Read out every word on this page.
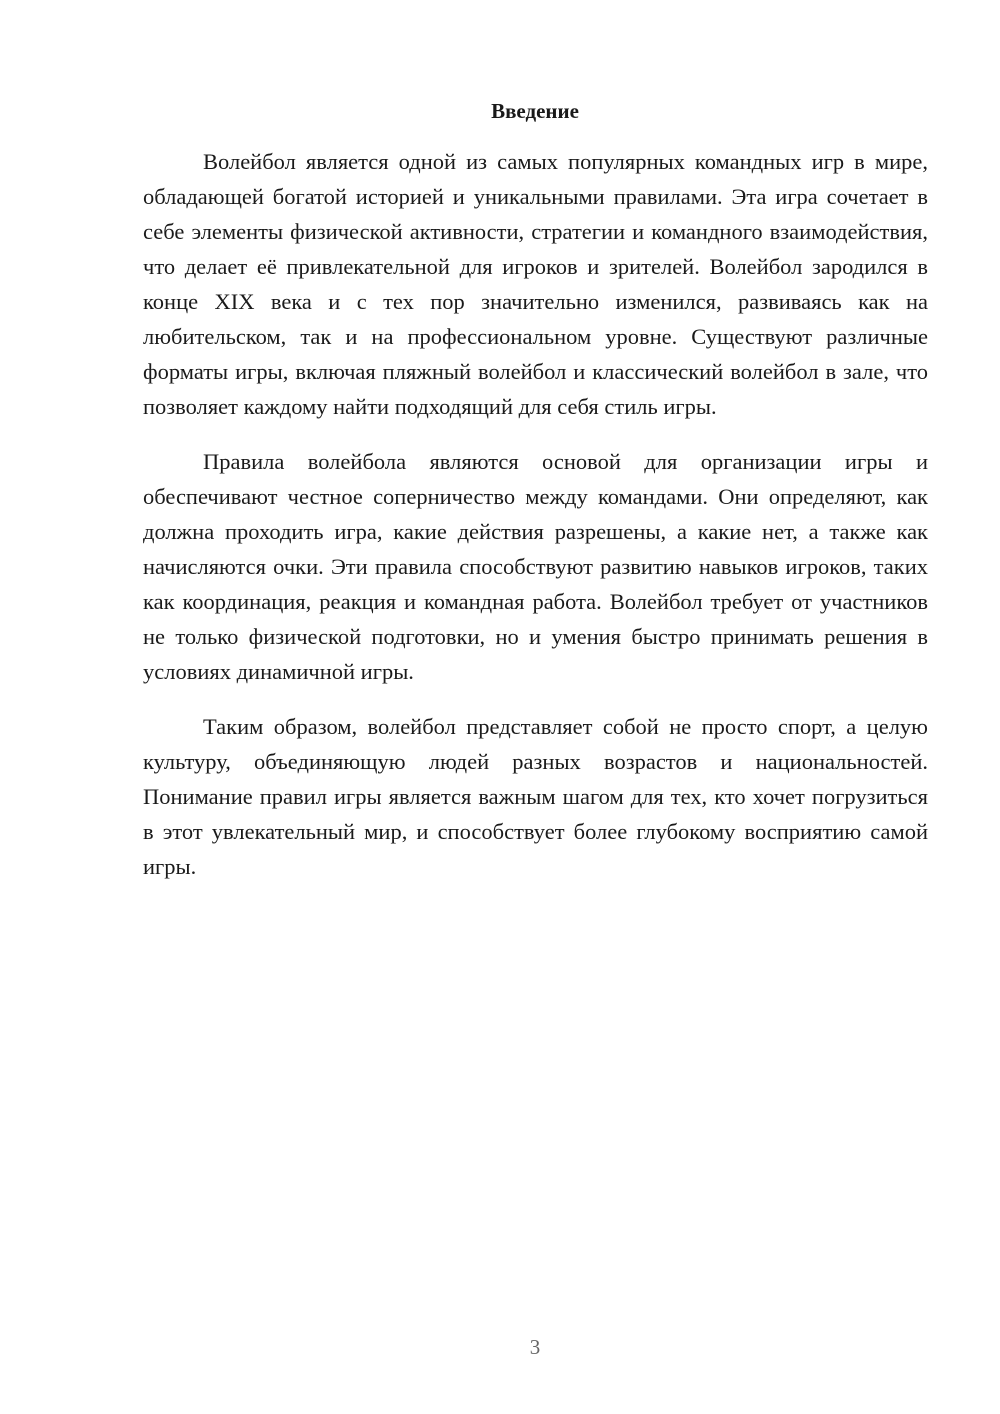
Введение

Волейбол является одной из самых популярных командных игр в мире, обладающей богатой историей и уникальными правилами. Эта игра сочетает в себе элементы физической активности, стратегии и командного взаимодействия, что делает её привлекательной для игроков и зрителей. Волейбол зародился в конце XIX века и с тех пор значительно изменился, развиваясь как на любительском, так и на профессиональном уровне. Существуют различные форматы игры, включая пляжный волейбол и классический волейбол в зале, что позволяет каждому найти подходящий для себя стиль игры.

Правила волейбола являются основой для организации игры и обеспечивают честное соперничество между командами. Они определяют, как должна проходить игра, какие действия разрешены, а какие нет, а также как начисляются очки. Эти правила способствуют развитию навыков игроков, таких как координация, реакция и командная работа. Волейбол требует от участников не только физической подготовки, но и умения быстро принимать решения в условиях динамичной игры.

Таким образом, волейбол представляет собой не просто спорт, а целую культуру, объединяющую людей разных возрастов и национальностей. Понимание правил игры является важным шагом для тех, кто хочет погрузиться в этот увлекательный мир, и способствует более глубокому восприятию самой игры.

3
